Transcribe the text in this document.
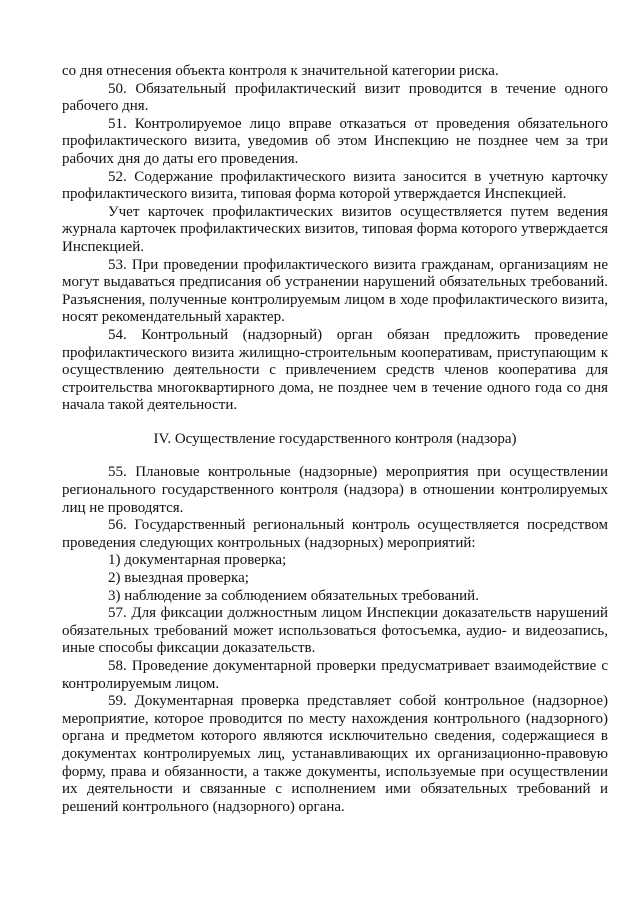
со дня отнесения объекта контроля к значительной категории риска.

50. Обязательный профилактический визит проводится в течение одного рабочего дня.

51. Контролируемое лицо вправе отказаться от проведения обязательного профилактического визита, уведомив об этом Инспекцию не позднее чем за три рабочих дня до даты его проведения.

52. Содержание профилактического визита заносится в учетную карточку профилактического визита, типовая форма которой утверждается Инспекцией.

Учет карточек профилактических визитов осуществляется путем ведения журнала карточек профилактических визитов, типовая форма которого утверждается Инспекцией.

53. При проведении профилактического визита гражданам, организациям не могут выдаваться предписания об устранении нарушений обязательных требований. Разъяснения, полученные контролируемым лицом в ходе профилактического визита, носят рекомендательный характер.

54. Контрольный (надзорный) орган обязан предложить проведение профилактического визита жилищно-строительным кооперативам, приступающим к осуществлению деятельности с привлечением средств членов кооператива для строительства многоквартирного дома, не позднее чем в течение одного года со дня начала такой деятельности.

IV. Осуществление государственного контроля (надзора)

55. Плановые контрольные (надзорные) мероприятия при осуществлении регионального государственного контроля (надзора) в отношении контролируемых лиц не проводятся.

56. Государственный региональный контроль осуществляется посредством проведения следующих контрольных (надзорных) мероприятий:

1) документарная проверка;

2) выездная проверка;

3) наблюдение за соблюдением обязательных требований.

57. Для фиксации должностным лицом Инспекции доказательств нарушений обязательных требований может использоваться фотосъемка, аудио- и видеозапись, иные способы фиксации доказательств.

58. Проведение документарной проверки предусматривает взаимодействие с контролируемым лицом.

59. Документарная проверка представляет собой контрольное (надзорное) мероприятие, которое проводится по месту нахождения контрольного (надзорного) органа и предметом которого являются исключительно сведения, содержащиеся в документах контролируемых лиц, устанавливающих их организационно-правовую форму, права и обязанности, а также документы, используемые при осуществлении их деятельности и связанные с исполнением ими обязательных требований и решений контрольного (надзорного) органа.
